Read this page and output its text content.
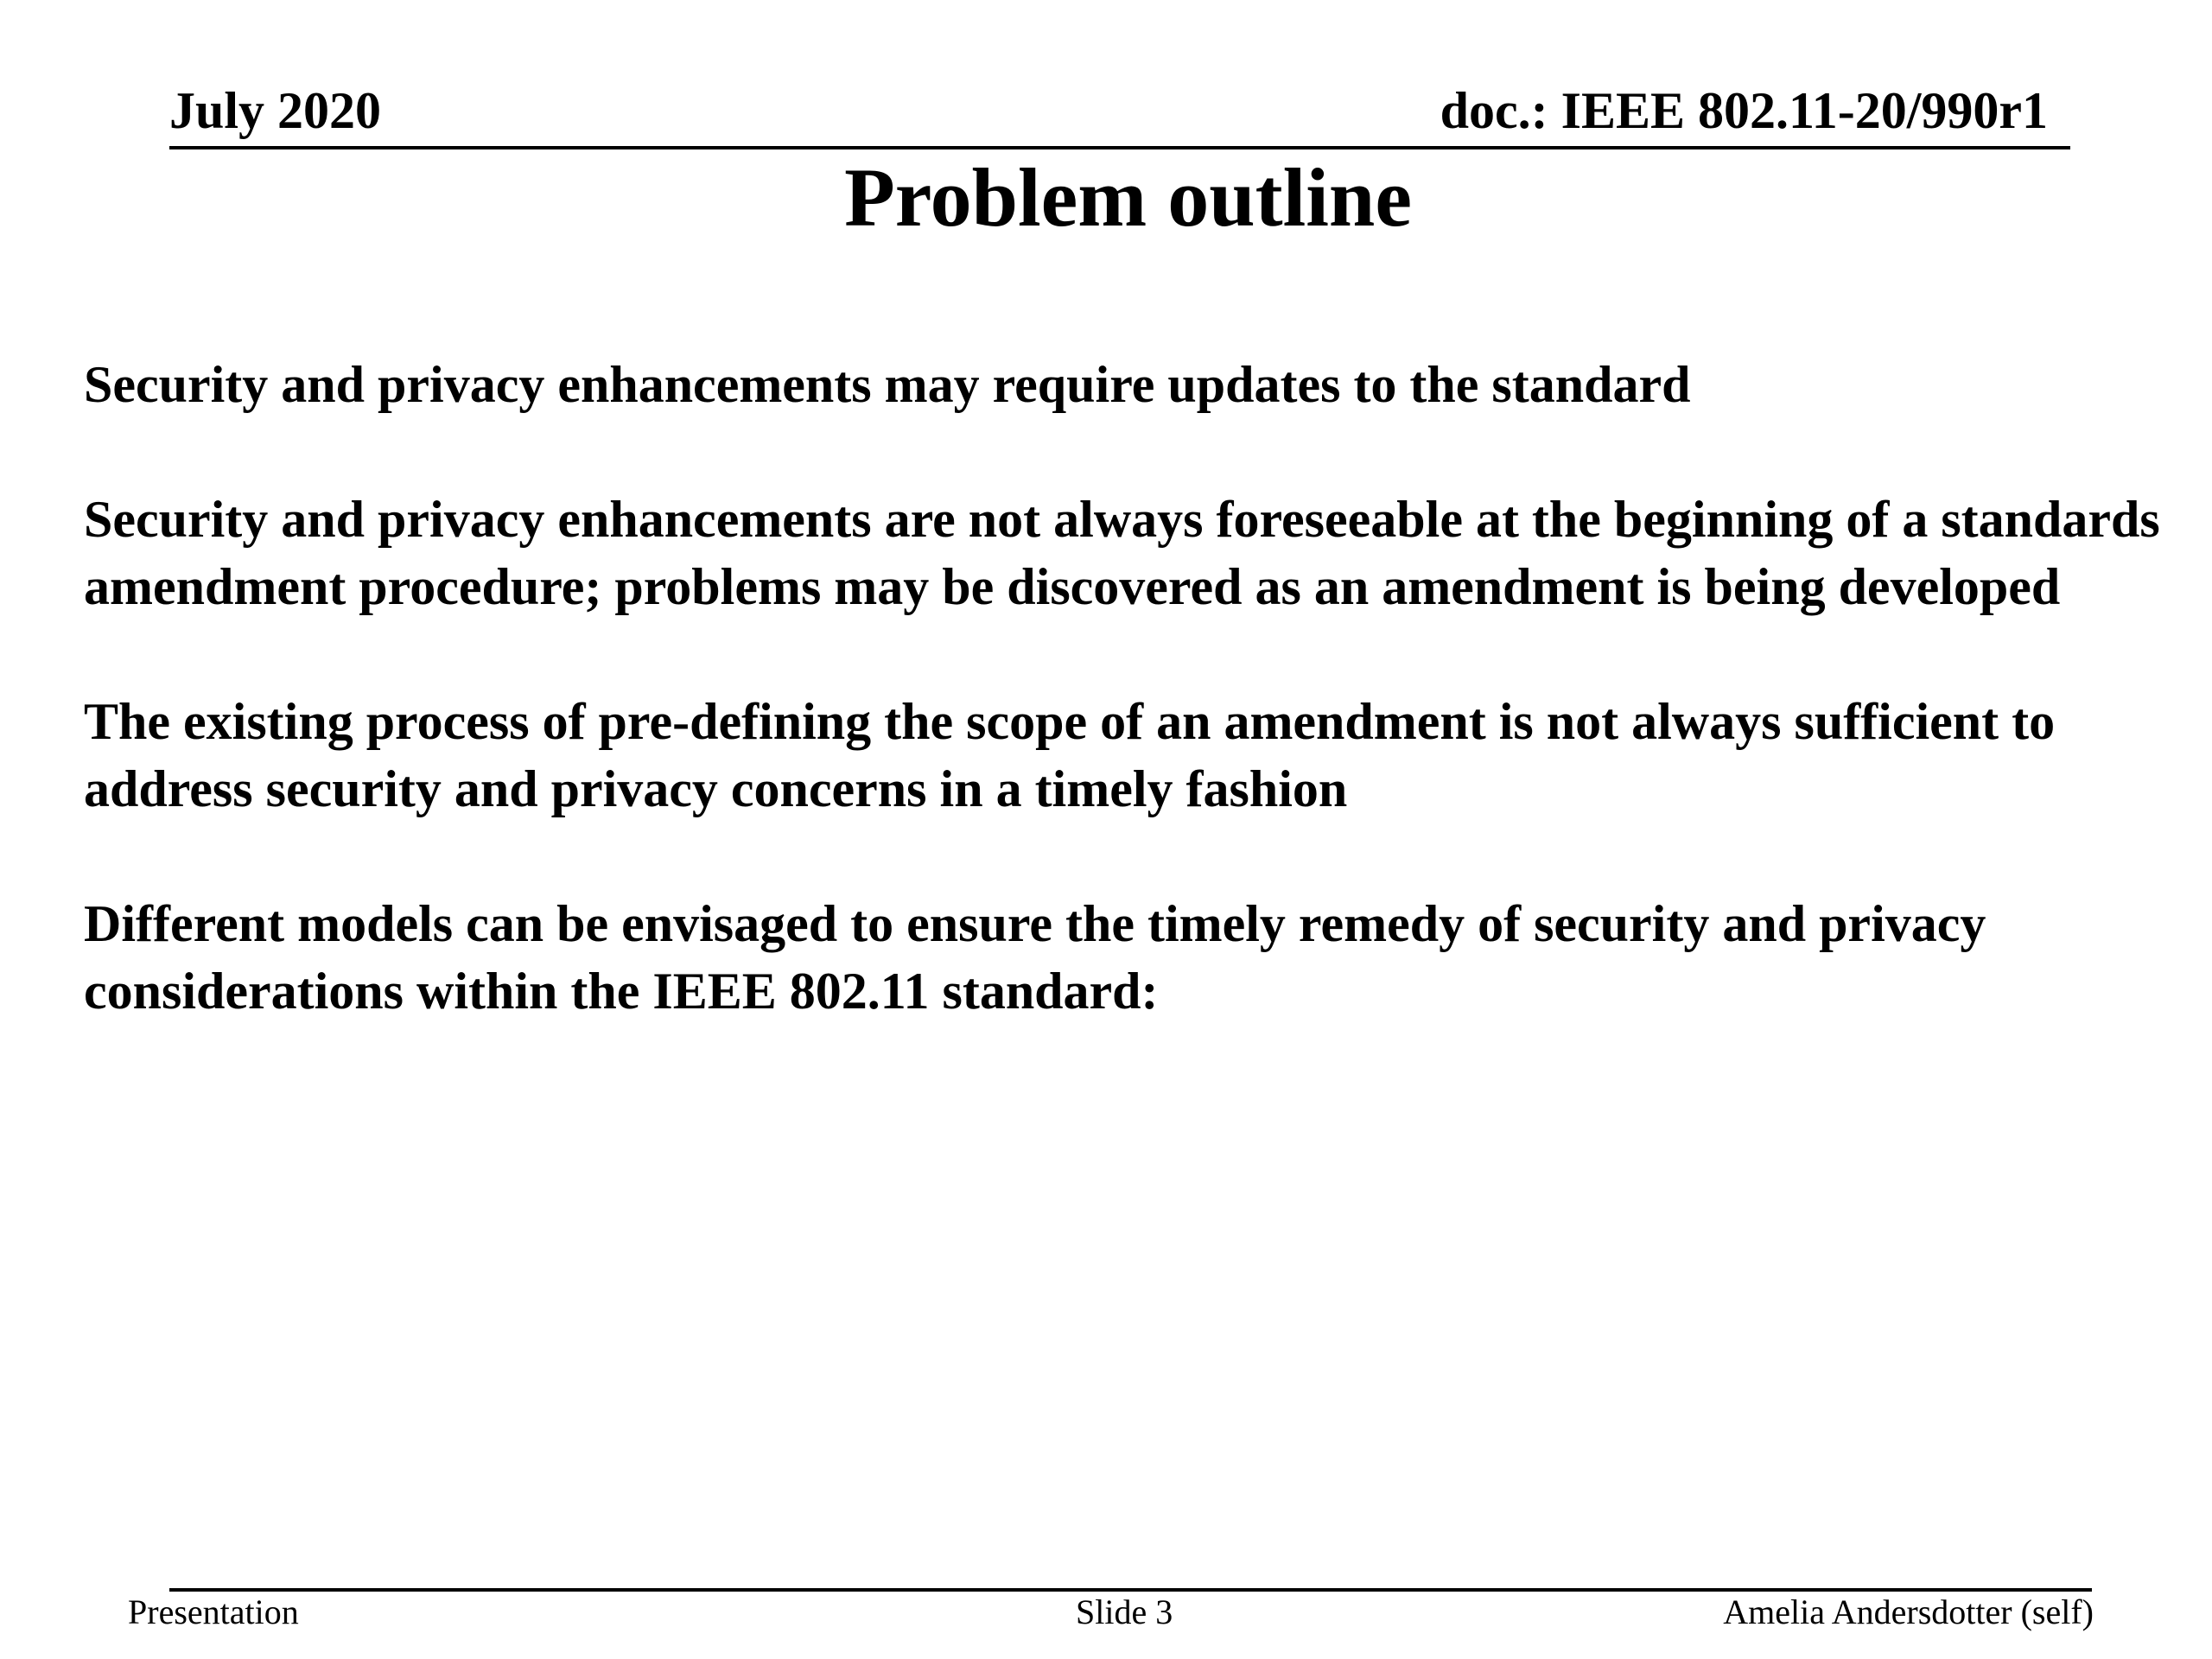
July 2020	doc.: IEEE 802.11-20/990r1
Problem outline

Security and privacy enhancements may require updates to the standard

Security and privacy enhancements are not always foreseeable at the beginning of a standards amendment procedure; problems may be discovered as an amendment is being developed

The existing process of pre-defining the scope of an amendment is not always sufficient to address security and privacy concerns in a timely fashion

Different models can be envisaged to ensure the timely remedy of security and privacy considerations within the IEEE 802.11 standard:

Presentation	Slide 3	Amelia Andersdotter (self)
